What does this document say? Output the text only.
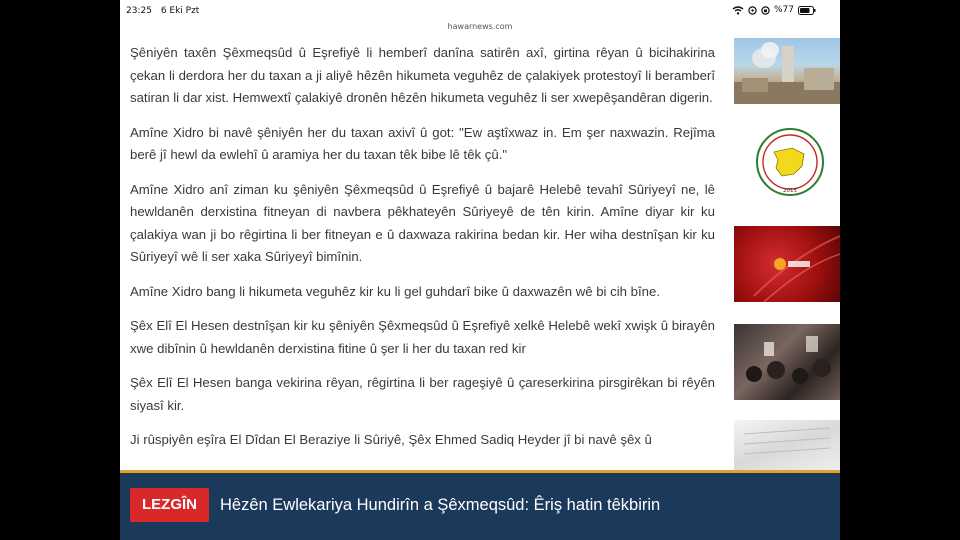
23:25 6 Eki Pzt	%77
hawarnews.com

Şêniyên taxên Şêxmeqsûd û Eşrefiyê li hemberî danîna satirên axî, girtina rêyan û bicihakirina çekan li derdora her du taxan a ji aliyê hêzên hikumeta veguhêz de çalakiyek protestoyî li beramberî satiran li dar xist. Hemwextî çalakiyê dronên hêzên hikumeta veguhêz li ser xwepêşandêran digerin.

Amîne Xidro bi navê şêniyên her du taxan axivî û got: "Ew aştîxwaz in. Em şer naxwazin. Rejîma berê jî hewl da ewlehî û aramiya her du taxan têk bibe lê têk çû."

Amîne Xidro anî ziman ku şêniyên Şêxmeqsûd û Eşrefiyê û bajarê Helebê tevahî Sûriyeyî ne, lê hewldanên derxistina fitneyan di navbera pêkhateyên Sûriyeyê de tên kirin. Amîne diyar kir ku çalakiya wan ji bo rêgirtina li ber fitneyan e û daxwaza rakirina bedan kir. Her wiha destnîşan kir ku Sûriyeyî wê li ser xaka Sûriyeyî bimînin.

Amîne Xidro bang li hikumeta veguhêz kir ku li gel guhdarî bike û daxwazên wê bi cih bîne.

Şêx Elî El Hesen destnîşan kir ku şêniyên Şêxmeqsûd û Eşrefiyê xelkê Helebê wekî xwişk û birayên xwe dibînin û hewldanên derxistina fitine û şer li her du taxan red kir

Şêx Elî El Hesen banga vekirina rêyan, rêgirtina li ber rageşiyê û çareserkirina pirsgirêkan bi rêyên siyasî kir.

Ji rûspiyên eşîra El Dîdan El Beraziye li Sûriyê, Şêx Ehmed Sadiq Heyder jî bi navê şêx û

2015
LEZGÎN	Hêzên Ewlekariya Hundirîn a Şêxmeqsûd: Êriş hatin têkbirin
